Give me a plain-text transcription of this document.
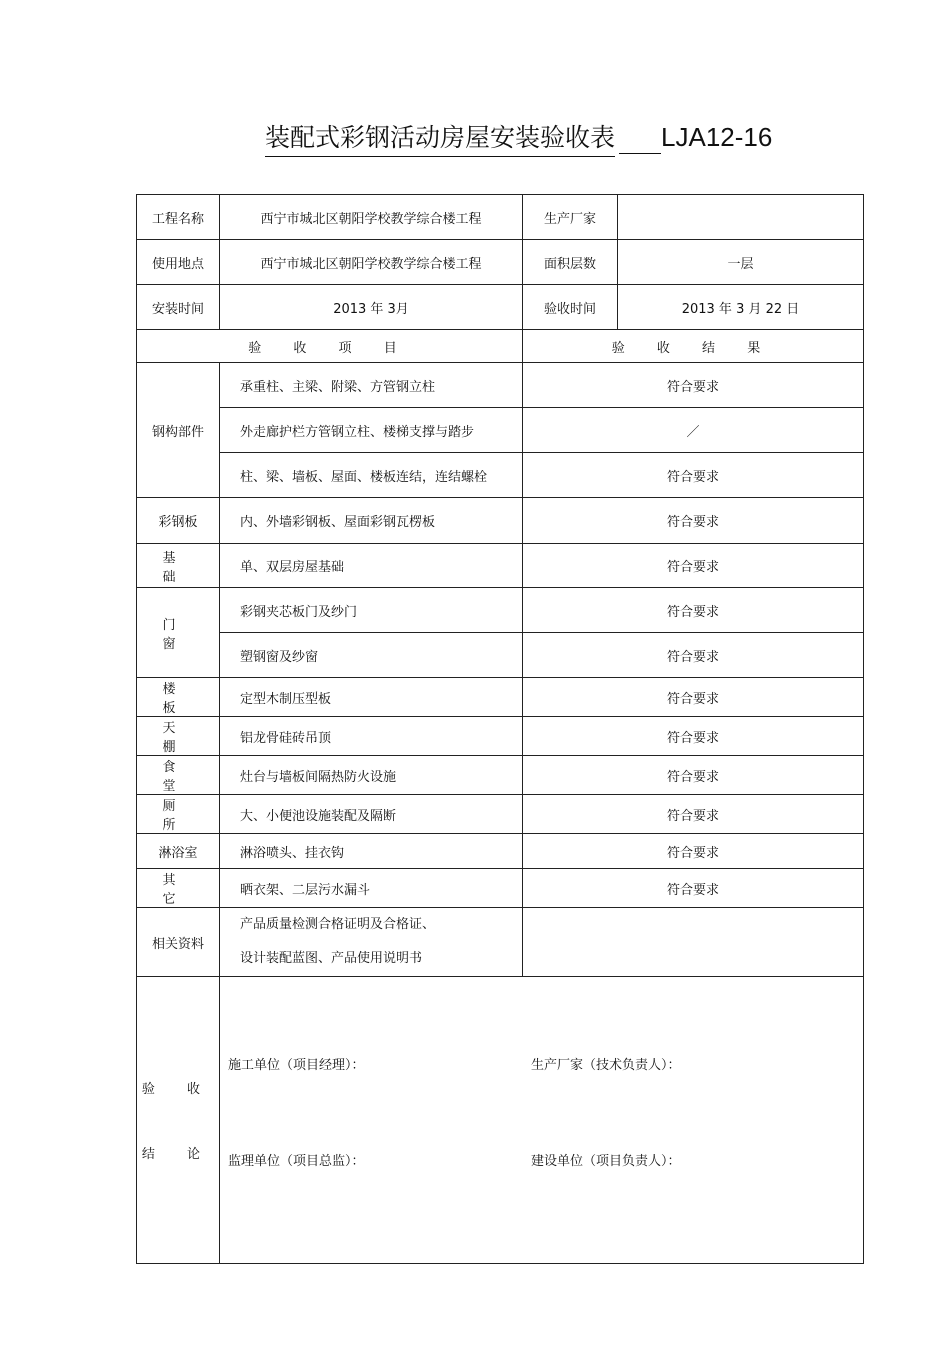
装配式彩钢活动房屋安装验收表 LJA12-16
工程名称	西宁市城北区朝阳学校教学综合楼工程	生产厂家	
使用地点	西宁市城北区朝阳学校教学综合楼工程	面积层数	一层
安装时间	2013 年 3月	验收时间	2013 年 3 月 22 日
验 收 项 目		验 收 结 果	
钢构部件	承重柱、主梁、附梁、方管钢立柱	符合要求	
	外走廊护栏方管钢立柱、楼梯支撑与踏步	／	
	柱、梁、墙板、屋面、楼板连结，连结螺栓	符合要求	
彩钢板	内、外墙彩钢板、屋面彩钢瓦楞板	符合要求	
基 础	单、双层房屋基础	符合要求	
门 窗	彩钢夹芯板门及纱门	符合要求	
	塑钢窗及纱窗	符合要求	
楼 板	定型木制压型板	符合要求	
天 棚	铝龙骨硅砖吊顶	符合要求	
食 堂	灶台与墙板间隔热防火设施	符合要求	
厕 所	大、小便池设施装配及隔断	符合要求	
淋浴室	淋浴喷头、挂衣钩	符合要求	
其 它	晒衣架、二层污水漏斗	符合要求	
相关资料	产品质量检测合格证明及合格证、
设计装配蓝图、产品使用说明书		

验 收
结 论	施工单位（项目经理）： 生产厂家（技术负责人）：
监理单位（项目总监）： 建设单位（项目负责人）：		
